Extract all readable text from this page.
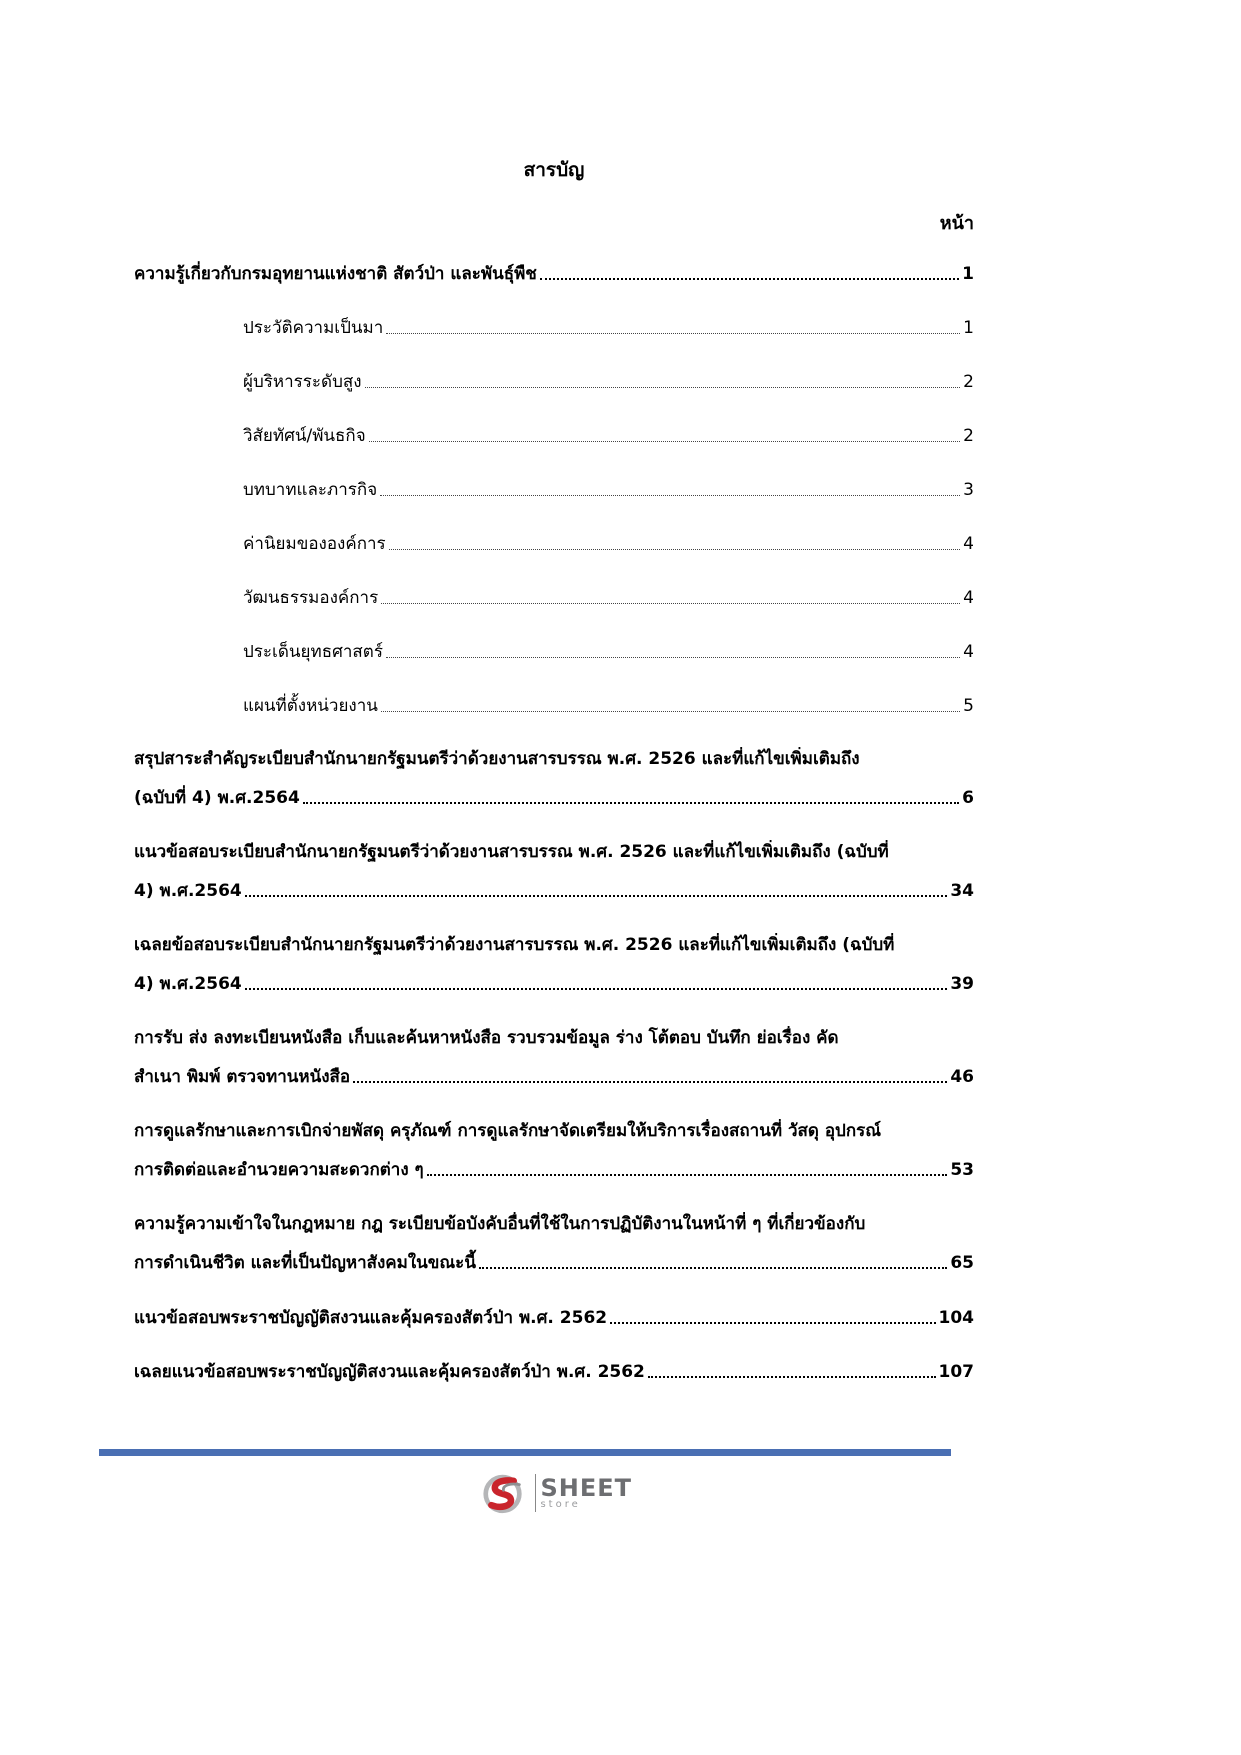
สารบัญ
หน้า
ความรู้เกี่ยวกับกรมอุทยานแห่งชาติ สัตว์ป่า และพันธุ์พืช	1
ประวัติความเป็นมา	1
ผู้บริหารระดับสูง	2
วิสัยทัศน์/พันธกิจ	2
บทบาทและภารกิจ	3
ค่านิยมขององค์การ	4
วัฒนธรรมองค์การ	4
ประเด็นยุทธศาสตร์	4
แผนที่ตั้งหน่วยงาน	5
สรุปสาระสำคัญระเบียบสำนักนายกรัฐมนตรีว่าด้วยงานสารบรรณ พ.ศ. 2526 และที่แก้ไขเพิ่มเติมถึง
(ฉบับที่ 4) พ.ศ.2564	6
แนวข้อสอบระเบียบสำนักนายกรัฐมนตรีว่าด้วยงานสารบรรณ พ.ศ. 2526 และที่แก้ไขเพิ่มเติมถึง (ฉบับที่
4) พ.ศ.2564	34
เฉลยข้อสอบระเบียบสำนักนายกรัฐมนตรีว่าด้วยงานสารบรรณ พ.ศ. 2526 และที่แก้ไขเพิ่มเติมถึง (ฉบับที่
4) พ.ศ.2564	39
การรับ ส่ง ลงทะเบียนหนังสือ เก็บและค้นหาหนังสือ รวบรวมข้อมูล ร่าง โต้ตอบ บันทึก ย่อเรื่อง คัด
สำเนา พิมพ์ ตรวจทานหนังสือ	46
การดูแลรักษาและการเบิกจ่ายพัสดุ ครุภัณฑ์ การดูแลรักษาจัดเตรียมให้บริการเรื่องสถานที่ วัสดุ อุปกรณ์
การติดต่อและอำนวยความสะดวกต่าง ๆ	53
ความรู้ความเข้าใจในกฎหมาย กฎ ระเบียบข้อบังคับอื่นที่ใช้ในการปฏิบัติงานในหน้าที่ ๆ ที่เกี่ยวข้องกับ
การดำเนินชีวิต และที่เป็นปัญหาสังคมในขณะนี้	65
แนวข้อสอบพระราชบัญญัติสงวนและคุ้มครองสัตว์ป่า พ.ศ. 2562	104
เฉลยแนวข้อสอบพระราชบัญญัติสงวนและคุ้มครองสัตว์ป่า พ.ศ. 2562	107
SHEET
store
